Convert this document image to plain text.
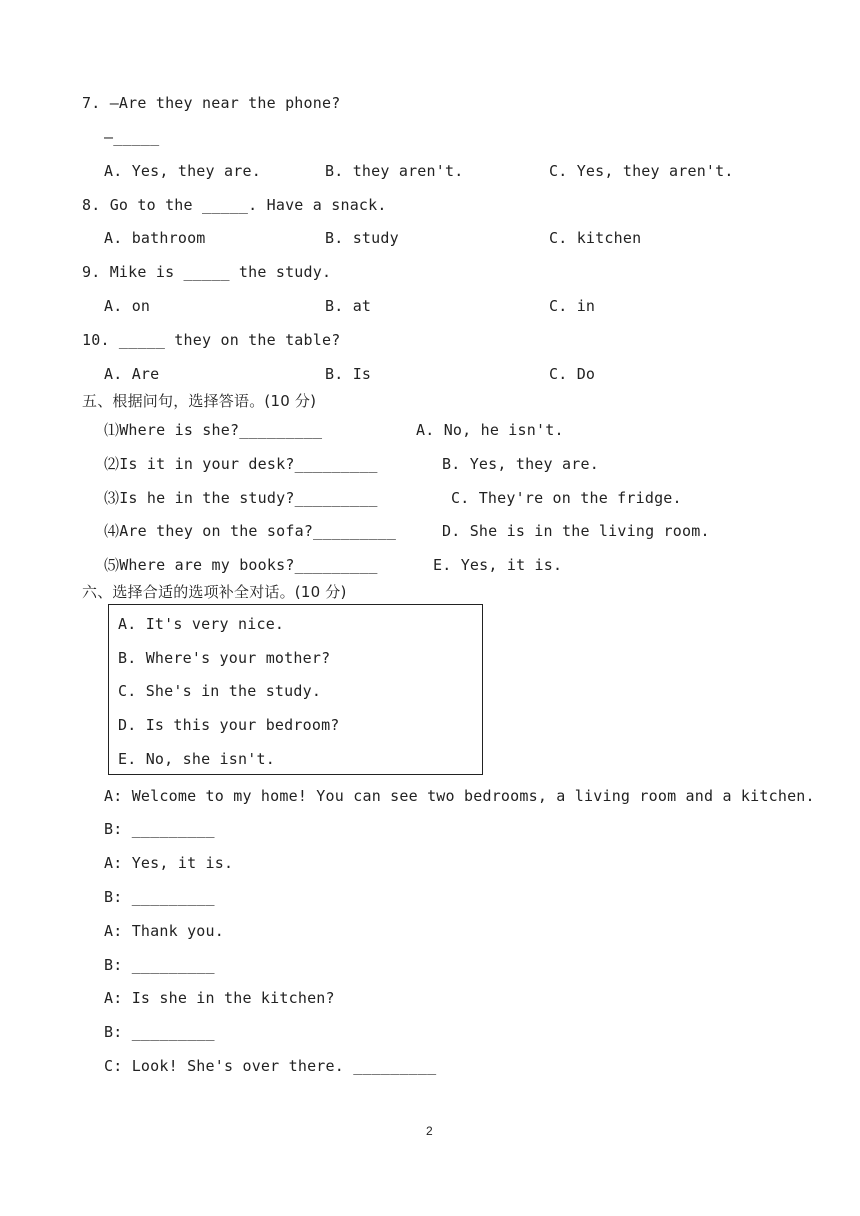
7. —Are they near the phone?
—_____
A. Yes, they are.	B. they aren't.	C. Yes, they aren't.
8. Go to the _____. Have a snack.
A. bathroom	B. study	C. kitchen
9. Mike is _____ the study.
A. on	B. at	C. in
10. _____ they on the table?
A. Are	B. Is	C. Do
五、根据问句，选择答语。(10 分)
⑴Where is she?_________
⑵Is it in your desk?_________
⑶Is he in the study?_________
⑷Are they on the sofa?_________
⑸Where are my books?_________
A. No, he isn't.
B. Yes, they are.
C. They're on the fridge.
D. She is in the living room.
E. Yes, it is.
六、选择合适的选项补全对话。(10 分)
A. It's very nice.
B. Where's your mother?
C. She's in the study.
D. Is this your bedroom?
E. No, she isn't.
A: Welcome to my home! You can see two bedrooms, a living room and a kitchen.
B: _________
A: Yes, it is.
B: _________
A: Thank you.
B: _________
A: Is she in the kitchen?
B: _________
C: Look! She's over there. _________
2
